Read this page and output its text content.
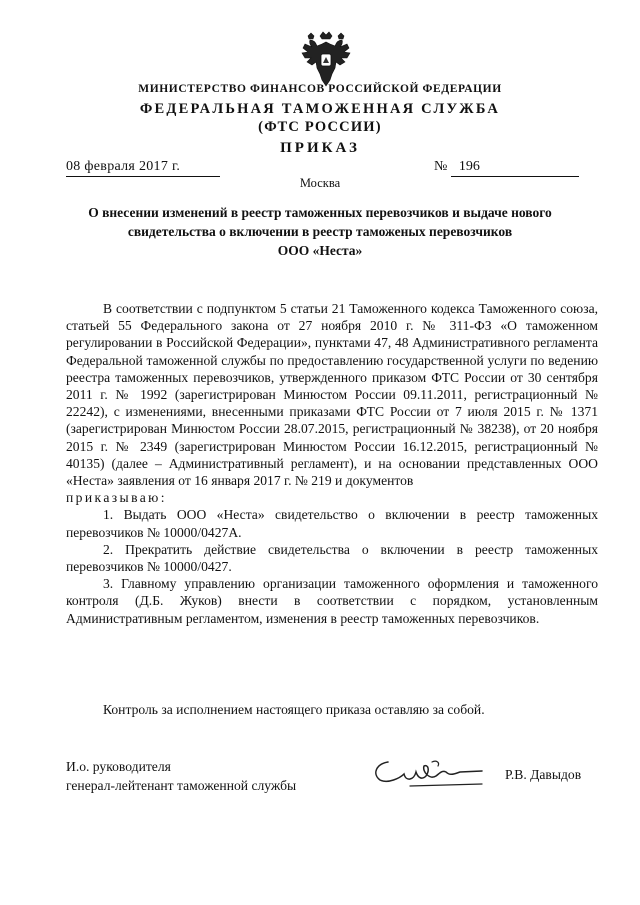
МИНИСТЕРСТВО ФИНАНСОВ РОССИЙСКОЙ ФЕДЕРАЦИИ
ФЕДЕРАЛЬНАЯ ТАМОЖЕННАЯ СЛУЖБА
(ФТС РОССИИ)
ПРИКАЗ
08 февраля 2017 г.	№ 196
Москва
О внесении изменений в реестр таможенных перевозчиков и выдаче нового
свидетельства о включении в реестр таможеных перевозчиков
ООО «Неста»

В соответствии с подпунктом 5 статьи 21 Таможенного кодекса Таможенного союза, статьей 55 Федерального закона от 27 ноября 2010 г. № 311-ФЗ «О таможенном регулировании в Российской Федерации», пунктами 47, 48 Административного регламента Федеральной таможенной службы по предоставлению государственной услуги по ведению реестра таможенных перевозчиков, утвержденного приказом ФТС России от 30 сентября 2011 г. № 1992 (зарегистрирован Минюстом России 09.11.2011, регистрационный № 22242), с изменениями, внесенными приказами ФТС России от 7 июля 2015 г. № 1371 (зарегистрирован Минюстом России 28.07.2015, регистрационный № 38238), от 20 ноября 2015 г. № 2349 (зарегистрирован Минюстом России 16.12.2015, регистрационный № 40135) (далее – Административный регламент), и на основании представленных ООО «Неста» заявления от 16 января 2017 г. № 219 и документов

приказываю:

1. Выдать ООО «Неста» свидетельство о включении в реестр таможенных перевозчиков № 10000/0427А.

2. Прекратить действие свидетельства о включении в реестр таможенных перевозчиков № 10000/0427.

3. Главному управлению организации таможенного оформления и таможенного контроля (Д.Б. Жуков) внести в соответствии с порядком, установленным Административным регламентом, изменения в реестр таможенных перевозчиков.

Контроль за исполнением настоящего приказа оставляю за собой.
И.о. руководителя
генерал-лейтенант таможенной службы
Р.В. Давыдов
